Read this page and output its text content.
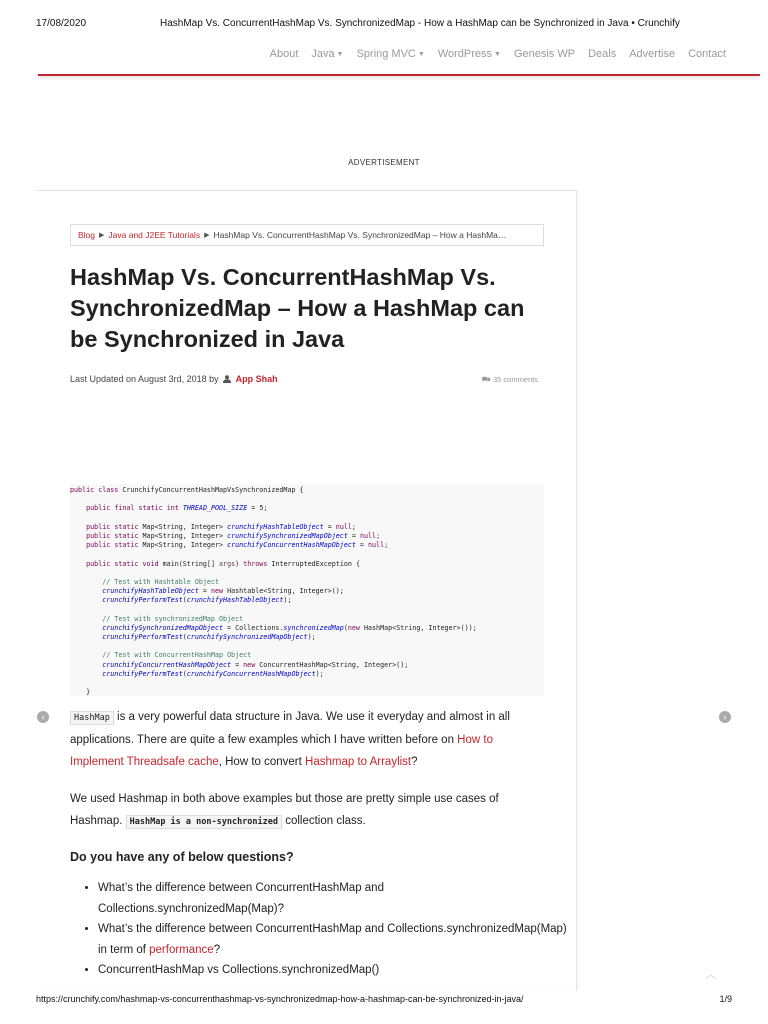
17/08/2020	HashMap Vs. ConcurrentHashMap Vs. SynchronizedMap - How a HashMap can be Synchronized in Java • Crunchify
About Java ▼ Spring MVC ▼ WordPress ▼ Genesis WP Deals Advertise Contact
ADVERTISEMENT
Blog ▶ Java and J2EE Tutorials ▶ HashMap Vs. ConcurrentHashMap Vs. SynchronizedMap – How a HashMa…
HashMap Vs. ConcurrentHashMap Vs. SynchronizedMap – How a HashMap can be Synchronized in Java
Last Updated on August 3rd, 2018 by App Shah	🗪 35 comments
public class CrunchifyConcurrentHashMapVsSynchronizedMap {
public final static int THREAD_POOL_SIZE = 5;
public static Map<String, Integer> crunchifyHashTableObject = null;
public static Map<String, Integer> crunchifySynchronizedMapObject = null;
public static Map<String, Integer> crunchifyConcurrentHashMapObject = null;
public static void main(String[] args) throws InterruptedException {
// Test with Hashtable Object
crunchifyHashTableObject = new Hashtable<String, Integer>();
crunchifyPerformTest(crunchifyHashTableObject);
// Test with synchronizedMap Object
crunchifySynchronizedMapObject = Collections.synchronizedMap(new HashMap<String, Integer>());
crunchifyPerformTest(crunchifySynchronizedMapObject);
// Test with ConcurrentHashMap Object
crunchifyConcurrentHashMapObject = new ConcurrentHashMap<String, Integer>();
crunchifyPerformTest(crunchifyConcurrentHashMapObject);
}
‹	›
HashMap is a very powerful data structure in Java. We use it everyday and almost in all applications. There are quite a few examples which I have written before on How to Implement Threadsafe cache, How to convert Hashmap to Arraylist?
We used Hashmap in both above examples but those are pretty simple use cases of Hashmap. HashMap is a non-synchronized collection class.
Do you have any of below questions?
• What’s the difference between ConcurrentHashMap and Collections.synchronizedMap(Map)?
• What’s the difference between ConcurrentHashMap and Collections.synchronizedMap(Map) in term of performance?
• ConcurrentHashMap vs Collections.synchronizedMap()	︿
https://crunchify.com/hashmap-vs-concurrenthashmap-vs-synchronizedmap-how-a-hashmap-can-be-synchronized-in-java/	1/9
